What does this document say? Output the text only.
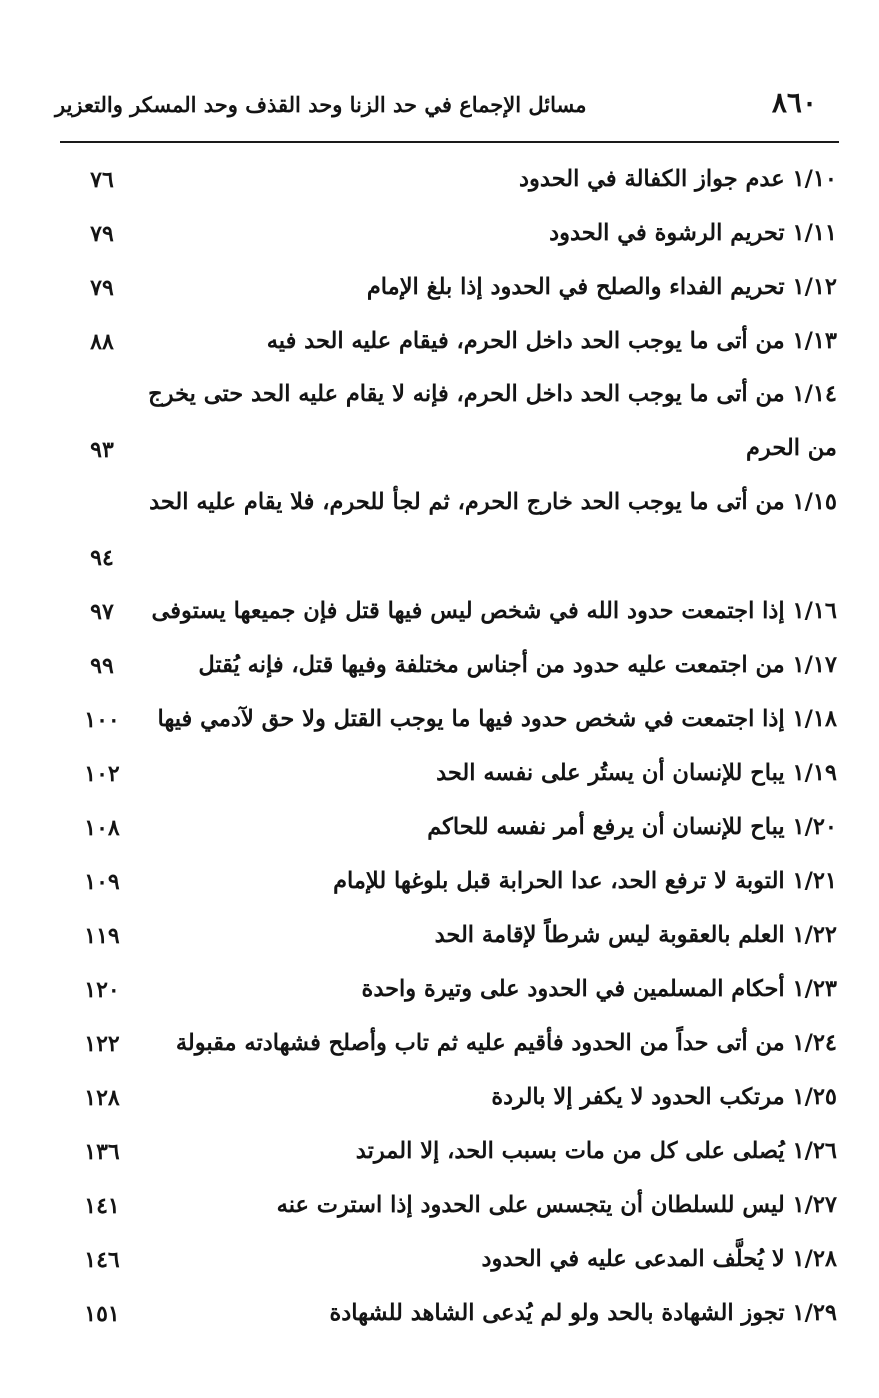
٨٦٠
مسائل الإجماع في حد الزنا وحد القذف وحد المسكر والتعزير
١/١٠ عدم جواز الكفالة في الحدود
٧٦
١/١١ تحريم الرشوة في الحدود
٧٩
١/١٢ تحريم الفداء والصلح في الحدود إذا بلغ الإمام
٧٩
١/١٣ من أتى ما يوجب الحد داخل الحرم، فيقام عليه الحد فيه
٨٨
١/١٤ من أتى ما يوجب الحد داخل الحرم، فإنه لا يقام عليه الحد حتى يخرج من الحرم
٩٣
١/١٥ من أتى ما يوجب الحد خارج الحرم، ثم لجأ للحرم، فلا يقام عليه الحد
٩٤
١/١٦ إذا اجتمعت حدود الله في شخص ليس فيها قتل فإن جميعها يستوفى
٩٧
١/١٧ من اجتمعت عليه حدود من أجناس مختلفة وفيها قتل، فإنه يُقتل
٩٩
١/١٨ إذا اجتمعت في شخص حدود فيها ما يوجب القتل ولا حق لآدمي فيها
١٠٠
١/١٩ يباح للإنسان أن يستُر على نفسه الحد
١٠٢
١/٢٠ يباح للإنسان أن يرفع أمر نفسه للحاكم
١٠٨
١/٢١ التوبة لا ترفع الحد، عدا الحرابة قبل بلوغها للإمام
١٠٩
١/٢٢ العلم بالعقوبة ليس شرطاً لإقامة الحد
١١٩
١/٢٣ أحكام المسلمين في الحدود على وتيرة واحدة
١٢٠
١/٢٤ من أتى حداً من الحدود فأقيم عليه ثم تاب وأصلح فشهادته مقبولة
١٢٢
١/٢٥ مرتكب الحدود لا يكفر إلا بالردة
١٢٨
١/٢٦ يُصلى على كل من مات بسبب الحد، إلا المرتد
١٣٦
١/٢٧ ليس للسلطان أن يتجسس على الحدود إذا استرت عنه
١٤١
١/٢٨ لا يُحلَّف المدعى عليه في الحدود
١٤٦
١/٢٩ تجوز الشهادة بالحد ولو لم يُدعى الشاهد للشهادة
١٥١
